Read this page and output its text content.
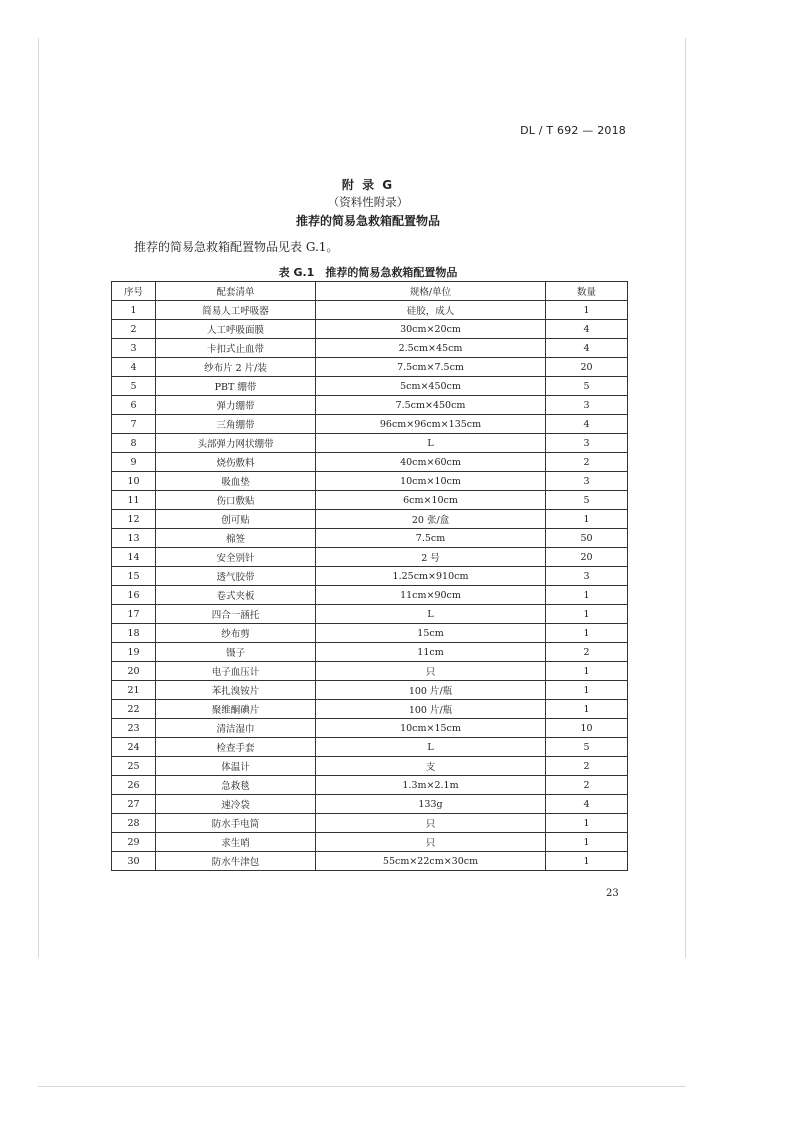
DL / T 692 — 2018
附 录 G
（资料性附录）
推荐的简易急救箱配置物品
推荐的简易急救箱配置物品见表 G.1。
表 G.1　推荐的简易急救箱配置物品
序号	配套清单	规格/单位	数量
1	简易人工呼吸器	硅胶，成人	1
2	人工呼吸面膜	30cm×20cm	4
3	卡扣式止血带	2.5cm×45cm	4
4	纱布片 2 片/装	7.5cm×7.5cm	20
5	PBT 绷带	5cm×450cm	5
6	弹力绷带	7.5cm×450cm	3
7	三角绷带	96cm×96cm×135cm	4
8	头部弹力网状绷带	L	3
9	烧伤敷料	40cm×60cm	2
10	吸血垫	10cm×10cm	3
11	伤口敷贴	6cm×10cm	5
12	创可贴	20 张/盒	1
13	棉签	7.5cm	50
14	安全别针	2 号	20
15	透气胶带	1.25cm×910cm	3
16	卷式夹板	11cm×90cm	1
17	四合一涵托	L	1
18	纱布剪	15cm	1
19	镊子	11cm	2
20	电子血压计	只	1
21	苯扎溴铵片	100 片/瓶	1
22	聚维酮碘片	100 片/瓶	1
23	清洁湿巾	10cm×15cm	10
24	检查手套	L	5
25	体温计	支	2
26	急救毯	1.3m×2.1m	2
27	速冷袋	133g	4
28	防水手电筒	只	1
29	求生哨	只	1
30	防水牛津包	55cm×22cm×30cm	1
23
